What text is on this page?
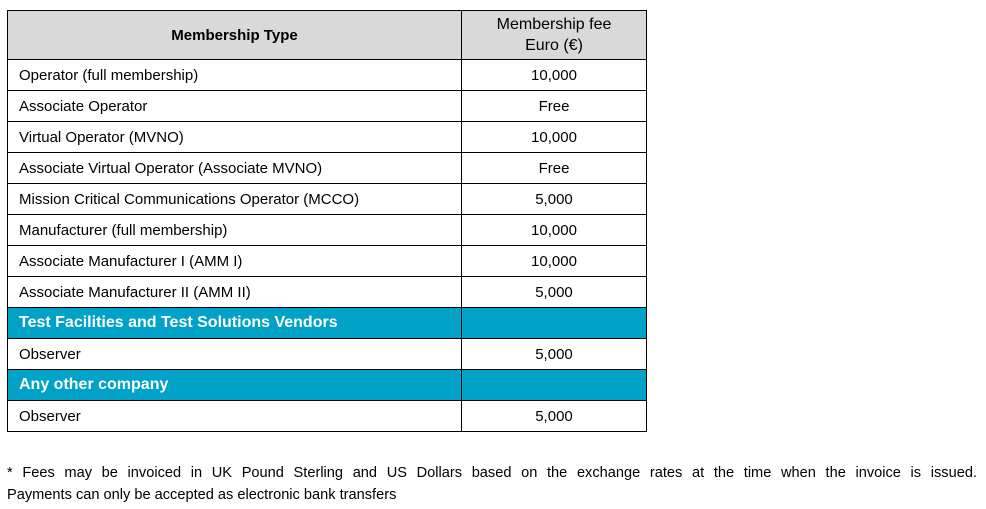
Membership Type	Membership fee
Euro (€)

Operator (full membership)	10,000
Associate Operator	Free
Virtual Operator (MVNO)	10,000
Associate Virtual Operator (Associate MVNO)	Free
Mission Critical Communications Operator (MCCO)	5,000
Manufacturer (full membership)	10,000
Associate Manufacturer I (AMM I)	10,000
Associate Manufacturer II (AMM II)	5,000
Test Facilities and Test Solutions Vendors	
Observer	5,000
Any other company	
Observer	5,000
* Fees may be invoiced in UK Pound Sterling and US Dollars based on the exchange rates at the time when the invoice is issued.
Payments can only be accepted as electronic bank transfers
